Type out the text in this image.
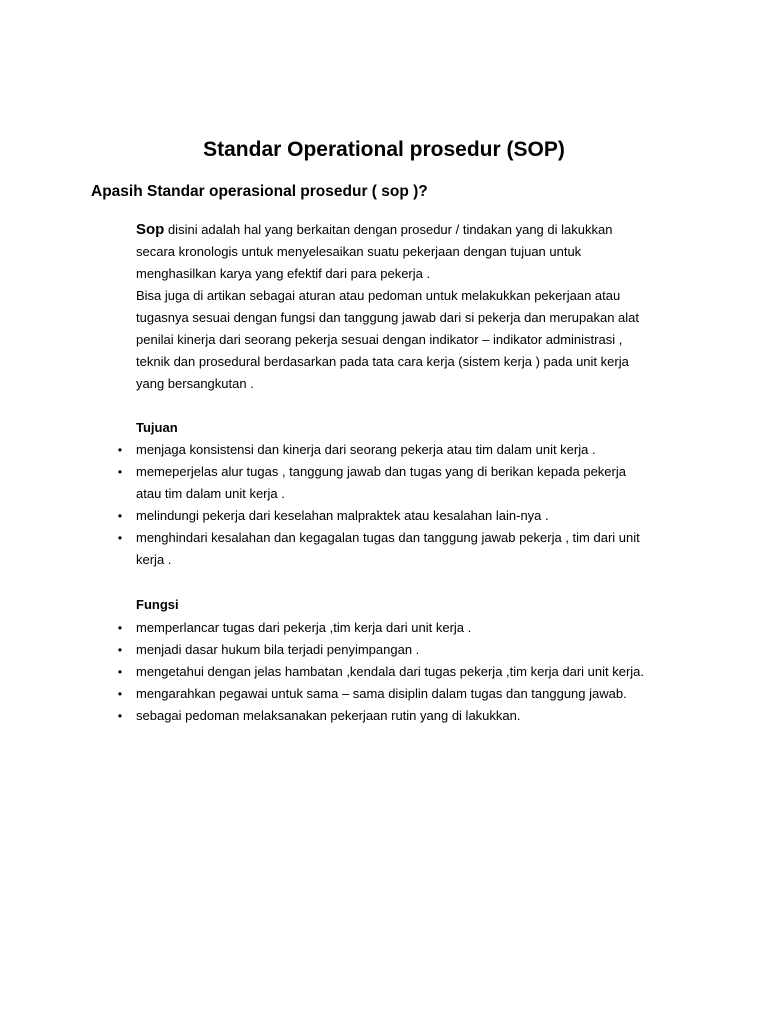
Standar Operational prosedur (SOP)
Apasih Standar operasional prosedur ( sop )?
Sop disini adalah hal yang berkaitan dengan prosedur / tindakan yang di lakukkan
secara kronologis untuk menyelesaikan suatu pekerjaan dengan tujuan untuk
menghasilkan karya yang efektif dari para pekerja .
Bisa juga di artikan sebagai aturan atau pedoman untuk melakukkan pekerjaan atau
tugasnya sesuai dengan fungsi dan tanggung jawab dari si pekerja dan merupakan alat
penilai kinerja dari seorang pekerja sesuai dengan indikator – indikator administrasi ,
teknik dan prosedural berdasarkan pada tata cara kerja (sistem kerja ) pada unit kerja
yang bersangkutan .
Tujuan
• menjaga konsistensi dan kinerja dari seorang pekerja atau tim dalam unit kerja .
• memeperjelas alur tugas , tanggung jawab dan tugas yang di berikan kepada pekerja
atau tim dalam unit kerja .
• melindungi pekerja dari keselahan malpraktek atau kesalahan lain-nya .
• menghindari kesalahan dan kegagalan tugas dan tanggung jawab pekerja , tim dari unit
kerja .
Fungsi
• memperlancar tugas dari pekerja ,tim kerja dari unit kerja .
• menjadi dasar hukum bila terjadi penyimpangan .
• mengetahui dengan jelas hambatan ,kendala dari tugas pekerja ,tim kerja dari unit kerja.
• mengarahkan pegawai untuk sama – sama disiplin dalam tugas dan tanggung jawab.
• sebagai pedoman melaksanakan pekerjaan rutin yang di lakukkan.
